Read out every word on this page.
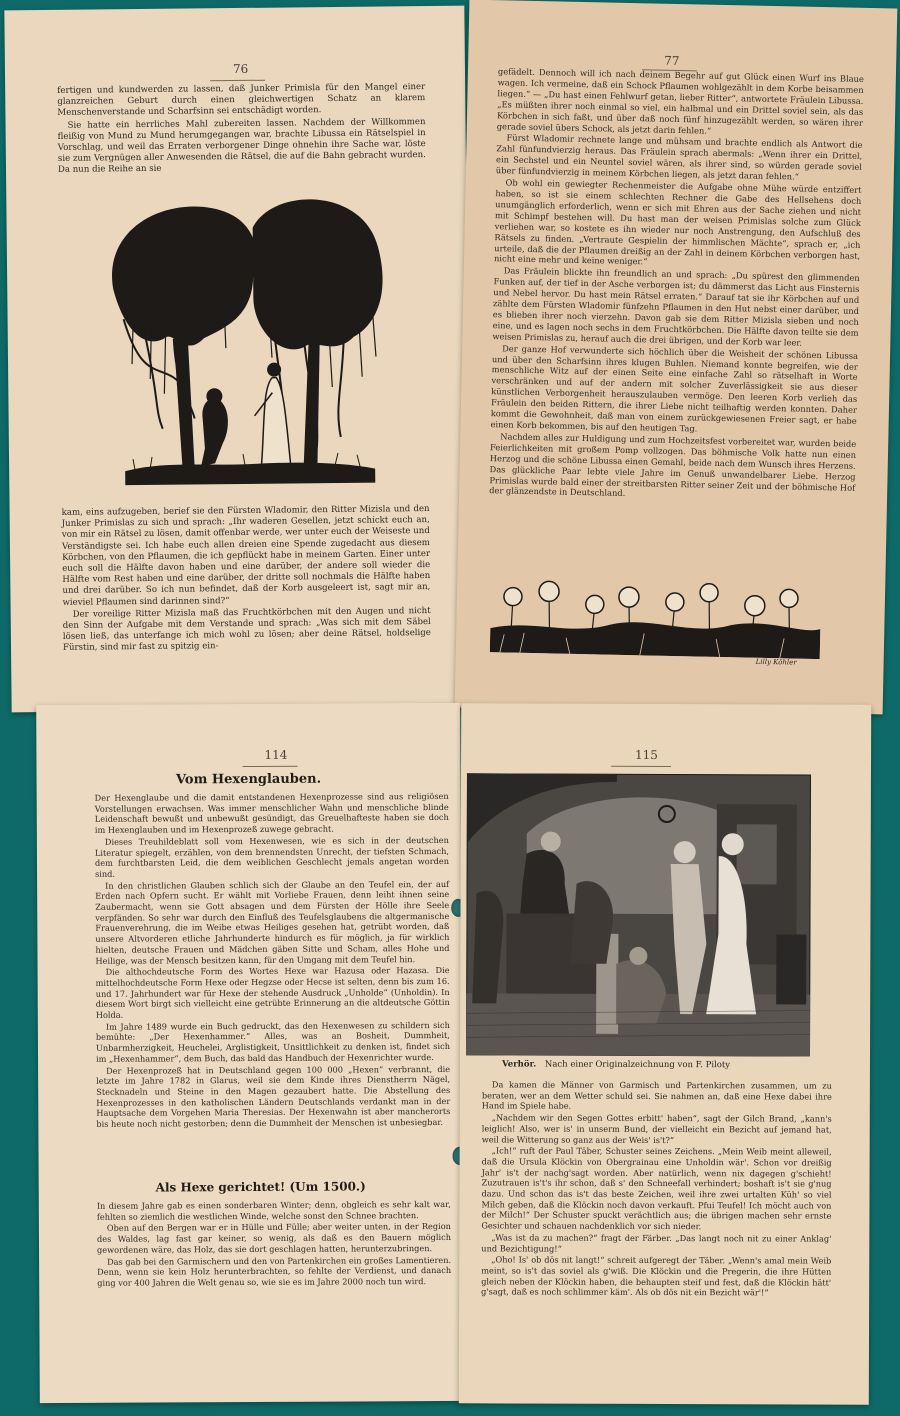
76

fertigen und kundwerden zu lassen, daß Junker Primisla für den Mangel einer glanzreichen Geburt durch einen gleichwertigen Schatz an klarem Menschenverstande und Scharfsinn sei entschädigt worden.

Sie hatte ein herrliches Mahl zubereiten lassen. Nachdem der Willkommen fleißig von Mund zu Mund herumgegangen war, brachte Libussa ein Rätselspiel in Vorschlag, und weil das Erraten verborgener Dinge ohnehin ihre Sache war, löste sie zum Vergnügen aller Anwesenden die Rätsel, die auf die Bahn gebracht wurden. Da nun die Reihe an sie

kam, eins aufzugeben, berief sie den Fürsten Wladomir, den Ritter Mizisla und den Junker Primislas zu sich und sprach: „Ihr waderen Gesellen, jetzt schickt euch an, von mir ein Rätsel zu lösen, damit offenbar werde, wer unter euch der Weiseste und Verständigste sei. Ich habe euch allen dreien eine Spende zugedacht aus diesem Körbchen, von den Pflaumen, die ich gepflückt habe in meinem Garten. Einer unter euch soll die Hälfte davon haben und eine darüber, der andere soll wieder die Hälfte vom Rest haben und eine darüber, der dritte soll nochmals die Hälfte haben und drei darüber. So ich nun befindet, daß der Korb ausgeleert ist, sagt mir an, wieviel Pflaumen sind darinnen sind?“

Der voreilige Ritter Mizisla maß das Fruchtkörbchen mit den Augen und nicht den Sinn der Aufgabe mit dem Verstande und sprach: „Was sich mit dem Säbel lösen ließ, das unterfange ich mich wohl zu lösen; aber deine Rätsel, holdselige Fürstin, sind mir fast zu spitzig ein-

77

gefädelt. Dennoch will ich nach deinem Begehr auf gut Glück einen Wurf ins Blaue wagen. Ich vermeine, daß ein Schock Pflaumen wohlgezählt in dem Korbe beisammen liegen.“ — „Du hast einen Fehlwurf getan, lieber Ritter“, antwortete Fräulein Libussa. „Es müßten ihrer noch einmal so viel, ein halbmal und ein Drittel soviel sein, als das Körbchen in sich faßt, und über daß noch fünf hinzugezählt werden, so wären ihrer gerade soviel übers Schock, als jetzt darin fehlen.“

Fürst Wladomir rechnete lange und mühsam und brachte endlich als Antwort die Zahl fünfundvierzig heraus. Das Fräulein sprach abermals: „Wenn ihrer ein Drittel, ein Sechstel und ein Neuntel soviel wären, als ihrer sind, so würden gerade soviel über fünfundvierzig in meinem Körbchen liegen, als jetzt daran fehlen.“

Ob wohl ein gewiegter Rechenmeister die Aufgabe ohne Mühe würde entziffert haben, so ist sie einem schlechten Rechner die Gabe des Hellsehens doch unumgänglich erforderlich, wenn er sich mit Ehren aus der Sache ziehen und nicht mit Schimpf bestehen will. Du hast man der weisen Primislas solche zum Glück verliehen war, so kostete es ihn wieder nur noch Anstrengung, den Aufschluß des Rätsels zu finden. „Vertraute Gespielin der himmlischen Mächte“, sprach er, „ich urteile, daß die der Pflaumen dreißig an der Zahl in deinem Körbchen verborgen hast, nicht eine mehr und keine weniger.“

Das Fräulein blickte ihn freundlich an und sprach: „Du spürest den glimmenden Funken auf, der tief in der Asche verborgen ist; du dämmerst das Licht aus Finsternis und Nebel hervor. Du hast mein Rätsel erraten.“ Darauf tat sie ihr Körbchen auf und zählte dem Fürsten Wladomir fünfzehn Pflaumen in den Hut nebst einer darüber, und es blieben ihrer noch vierzehn. Davon gab sie dem Ritter Mizisla sieben und noch eine, und es lagen noch sechs in dem Fruchtkörbchen. Die Hälfte davon teilte sie dem weisen Primislas zu, herauf auch die drei übrigen, und der Korb war leer.

Der ganze Hof verwunderte sich höchlich über die Weisheit der schönen Libussa und über den Scharfsinn ihres klugen Buhlen. Niemand konnte begreifen, wie der menschliche Witz auf der einen Seite eine einfache Zahl so rätselhaft in Worte verschränken und auf der andern mit solcher Zuverlässigkeit sie aus dieser künstlichen Verborgenheit herauszulauben vermöge. Den leeren Korb verlieh das Fräulein den beiden Rittern, die ihrer Liebe nicht teilhaftig werden konnten. Daher kommt die Gewohnheit, daß man von einem zurückgewiesenen Freier sagt, er habe einen Korb bekommen, bis auf den heutigen Tag.

Nachdem alles zur Huldigung und zum Hochzeitsfest vorbereitet war, wurden beide Feierlichkeiten mit großem Pomp vollzogen. Das böhmische Volk hatte nun einen Herzog und die schöne Libussa einen Gemahl, beide nach dem Wunsch ihres Herzens. Das glückliche Paar lebte viele Jahre im Genuß unwandelbarer Liebe. Herzog Primislas wurde bald einer der streitbarsten Ritter seiner Zeit und der böhmische Hof der glänzendste in Deutschland.

Lilly Köhler
114
Vom Hexenglauben.

Der Hexenglaube und die damit entstandenen Hexenprozesse sind aus religiösen Vorstellungen erwachsen. Was immer menschlicher Wahn und menschliche blinde Leidenschaft bewußt und unbewußt gesündigt, das Greuelhafteste haben sie doch im Hexenglauben und im Hexenprozeß zuwege gebracht.

Dieses Treuhildeblatt soll vom Hexenwesen, wie es sich in der deutschen Literatur spiegelt, erzählen, von dem brennendsten Unrecht, der tiefsten Schmach, dem furchtbarsten Leid, die dem weiblichen Geschlecht jemals angetan worden sind.

In den christlichen Glauben schlich sich der Glaube an den Teufel ein, der auf Erden nach Opfern sucht. Er wählt mit Vorliebe Frauen, denn leiht ihnen seine Zaubermacht, wenn sie Gott absagen und dem Fürsten der Hölle ihre Seele verpfänden. So sehr war durch den Einfluß des Teufelsglaubens die altgermanische Frauenverehrung, die im Weibe etwas Heiliges gesehen hat, getrübt worden, daß unsere Altvorderen etliche Jahrhunderte hindurch es für möglich, ja für wirklich hielten, deutsche Frauen und Mädchen gäben Sitte und Scham, alles Hohe und Heilige, was der Mensch besitzen kann, für den Umgang mit dem Teufel hin.

Die althochdeutsche Form des Wortes Hexe war Hazusa oder Hazasa. Die mittelhochdeutsche Form Hexe oder Hegzse oder Hecse ist selten, denn bis zum 16. und 17. Jahrhundert war für Hexe der stehende Ausdruck „Unholde“ (Unholdin). In diesem Wort birgt sich vielleicht eine getrübte Erinnerung an die altdeutsche Göttin Holda.

Im Jahre 1489 wurde ein Buch gedruckt, das den Hexenwesen zu schildern sich bemühte: „Der Hexenhammer.“ Alles, was an Bosheit, Dummheit, Unbarmherzigkeit, Heuchelei, Arglistigkeit, Unsittlichkeit zu denken ist, findet sich im „Hexenhammer“, dem Buch, das bald das Handbuch der Hexenrichter wurde.

Der Hexenprozeß hat in Deutschland gegen 100 000 „Hexen“ verbrannt, die letzte im Jahre 1782 in Glarus, weil sie dem Kinde ihres Dienstherrn Nägel, Stecknadeln und Steine in den Magen gezaubert hatte. Die Abstellung des Hexenprozesses in den katholischen Ländern Deutschlands verdankt man in der Hauptsache dem Vorgehen Maria Theresias. Der Hexenwahn ist aber mancherorts bis heute noch nicht gestorben; denn die Dummheit der Menschen ist unbesiegbar.

Als Hexe gerichtet! (Um 1500.)

In diesem Jahre gab es einen sonderbaren Winter; denn, obgleich es sehr kalt war, fehlten so ziemlich die westlichen Winde, welche sonst den Schnee brachten.

Oben auf den Bergen war er in Hülle und Fülle; aber weiter unten, in der Region des Waldes, lag fast gar keiner, so wenig, als daß es den Bauern möglich gewordenen wäre, das Holz, das sie dort geschlagen hatten, herunterzubringen.

Das gab bei den Garmischern und den von Partenkirchen ein großes Lamentieren. Denn, wenn sie kein Holz herunterbrachten, so fehlte der Verdienst, und danach ging vor 400 Jahren die Welt genau so, wie sie es im Jahre 2000 noch tun wird.

115
Verhör. Nach einer Originalzeichnung von F. Piloty

Da kamen die Männer von Garmisch und Partenkirchen zusammen, um zu beraten, wer an dem Wetter schuld sei. Sie nahmen an, daß eine Hexe dabei ihre Hand im Spiele habe.

„Nachdem wir den Segen Gottes erbitt' haben“, sagt der Gilch Brand, „kann's leiglich! Also, wer is' in unserm Bund, der vielleicht ein Bezicht auf jemand hat, weil die Witterung so ganz aus der Weis' is't?“

„Ich!“ ruft der Paul Täber, Schuster seines Zeichens. „Mein Weib meint alleweil, daß die Ursula Klöckin von Obergrainau eine Unholdin wär'. Schon vor dreißig Jahr' is't der nachg'sagt worden. Aber natürlich, wenn nix dagegen g'schieht! Zuzutrauen is't's ihr schon, daß s' den Schneefall verhindert; boshaft is't sie g'nug dazu. Und schon das is't das beste Zeichen, weil ihre zwei urtalten Küh' so viel Milch geben, daß die Klöckin noch davon verkauft. Pfui Teufel! Ich möcht auch von der Milch!“ Der Schuster spuckt verächtlich aus; die übrigen machen sehr ernste Gesichter und schauen nachdenklich vor sich nieder.

„Was ist da zu machen?“ fragt der Färber. „Das langt noch nit zu einer Anklag' und Bezichtigung!“

„Oho! Is' ob dös nit langt!“ schreit aufgeregt der Täber. „Wenn's amal mein Weib meint, so is't das soviel als g'wiß. Die Klöckin und die Pregerin, die ihre Hütten gleich neben der Klöckin haben, die behaupten steif und fest, daß die Klöckin hätt' g'sagt, daß es noch schlimmer käm'. Als ob dös nit ein Bezicht wär'!“
